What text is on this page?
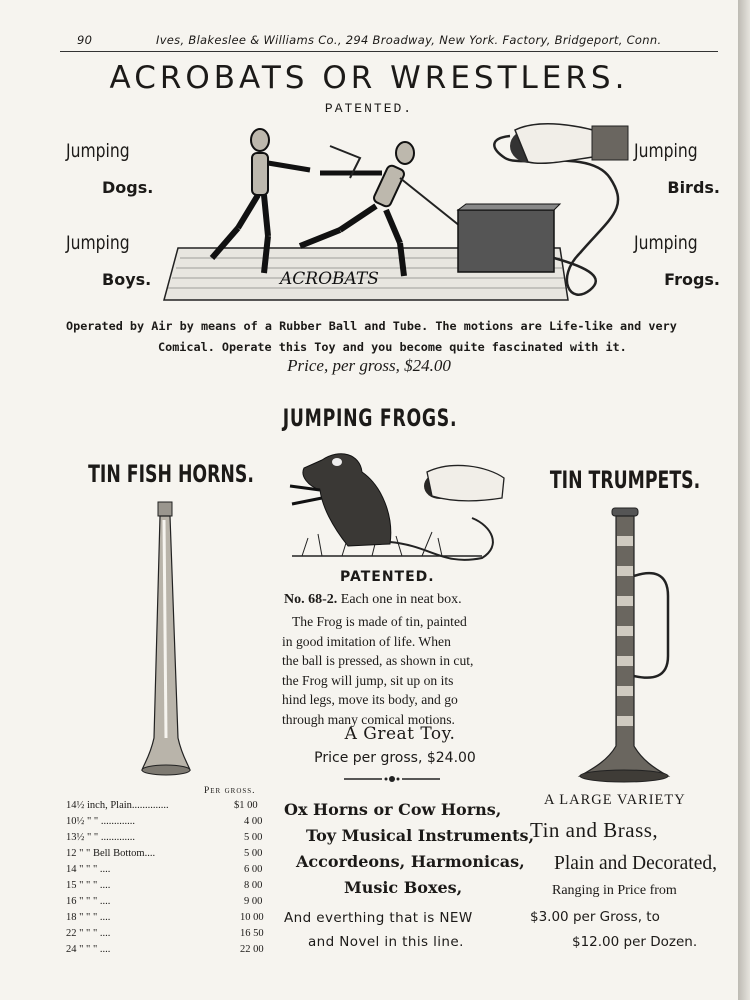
90	Ives, Blakeslee & Williams Co., 294 Broadway, New York. Factory, Bridgeport, Conn.
ACROBATS OR WRESTLERS.
PATENTED.
Jumping
Dogs.
Jumping
Boys.
Jumping
Birds.
Jumping
Frogs.
ACROBATS
Operated by Air by means of a Rubber Ball and Tube. The motions are Life-like and very
Comical. Operate this Toy and you become quite fascinated with it.
Price, per gross, $24.00
JUMPING FROGS.
PATENTED.
No. 68-2. Each one in neat box.
The Frog is made of tin, painted
in good imitation of life. When
the ball is pressed, as shown in cut,
the Frog will jump, sit up on its
hind legs, move its body, and go
through many comical motions.
A Great Toy.
Price per gross, $24.00
TIN FISH HORNS.
Per gross.
14½ inch, Plain..............	$1 00
10½ " " .............	4 00
13½ " " .............	5 00
12 " " Bell Bottom....	5 00
14 " " " ....	6 00
15 " " " ....	8 00
16 " " " ....	9 00
18 " " " ....	10 00
22 " " " ....	16 50
24 " " " ....	22 00
Ox Horns or Cow Horns,
Toy Musical Instruments,
Accordeons, Harmonicas,
Music Boxes,
And everthing that is NEW
and Novel in this line.
TIN TRUMPETS.
A LARGE VARIETY
Tin and Brass,
Plain and Decorated,
Ranging in Price from
$3.00 per Gross, to
$12.00 per Dozen.
